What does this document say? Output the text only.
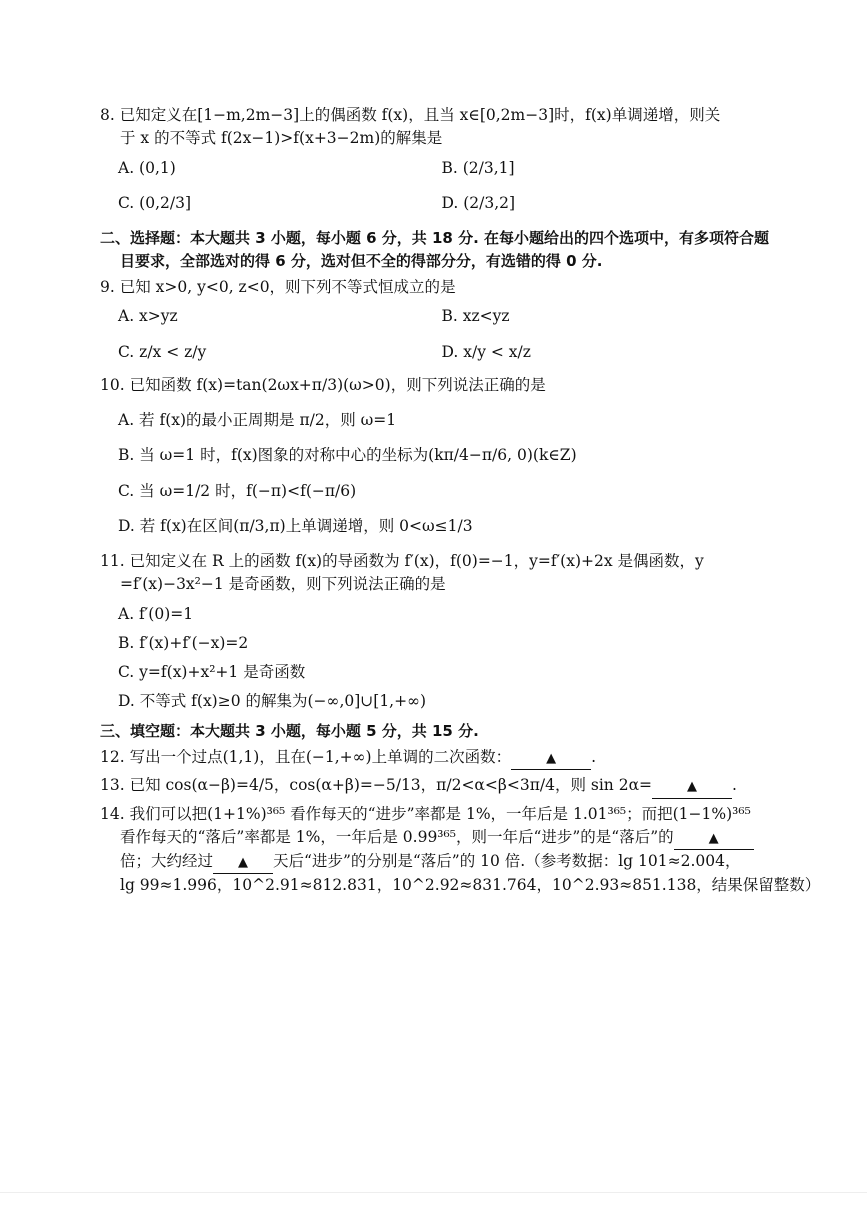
8. 已知定义在[1−m,2m−3]上的偶函数 f(x)，且当 x∈[0,2m−3]时，f(x)单调递增，则关

于 x 的不等式 f(2x−1)>f(x+3−2m)的解集是

A. (0,1)	B. (2/3,1]
C. (0,2/3]	D. (2/3,2]

二、选择题：本大题共 3 小题，每小题 6 分，共 18 分. 在每小题给出的四个选项中，有多项符合题

目要求，全部选对的得 6 分，选对但不全的得部分分，有选错的得 0 分.

9. 已知 x>0, y<0, z<0，则下列不等式恒成立的是

A. x>yz	B. xz<yz
C. z/x < z/y	D. x/y < x/z

10. 已知函数 f(x)=tan(2ωx+π/3)(ω>0)，则下列说法正确的是

A. 若 f(x)的最小正周期是 π/2，则 ω=1
B. 当 ω=1 时，f(x)图象的对称中心的坐标为(kπ/4−π/6, 0)(k∈Z)
C. 当 ω=1/2 时，f(−π)<f(−π/6)
D. 若 f(x)在区间(π/3,π)上单调递增，则 0<ω≤1/3

11. 已知定义在 R 上的函数 f(x)的导函数为 f′(x)，f(0)=−1，y=f′(x)+2x 是偶函数，y

=f′(x)−3x²−1 是奇函数，则下列说法正确的是

A. f′(0)=1
B. f′(x)+f′(−x)=2
C. y=f(x)+x²+1 是奇函数
D. 不等式 f(x)≥0 的解集为(−∞,0]∪[1,+∞)

三、填空题：本大题共 3 小题，每小题 5 分，共 15 分.

12. 写出一个过点(1,1)，且在(−1,+∞)上单调的二次函数：	▲ .

13. 已知 cos(α−β)=4/5，cos(α+β)=−5/13，π/2<α<β<3π/4，则 sin 2α=	▲ .

14. 我们可以把(1+1%)³⁶⁵ 看作每天的“进步”率都是 1%，一年后是 1.01³⁶⁵；而把(1−1%)³⁶⁵

看作每天的“落后”率都是 1%，一年后是 0.99³⁶⁵，则一年后“进步”的是“落后”的	▲

倍；大约经过 ▲ 天后“进步”的分别是“落后”的 10 倍.（参考数据：lg 101≈2.004，

lg 99≈1.996，10^2.91≈812.831，10^2.92≈831.764，10^2.93≈851.138，结果保留整数）
